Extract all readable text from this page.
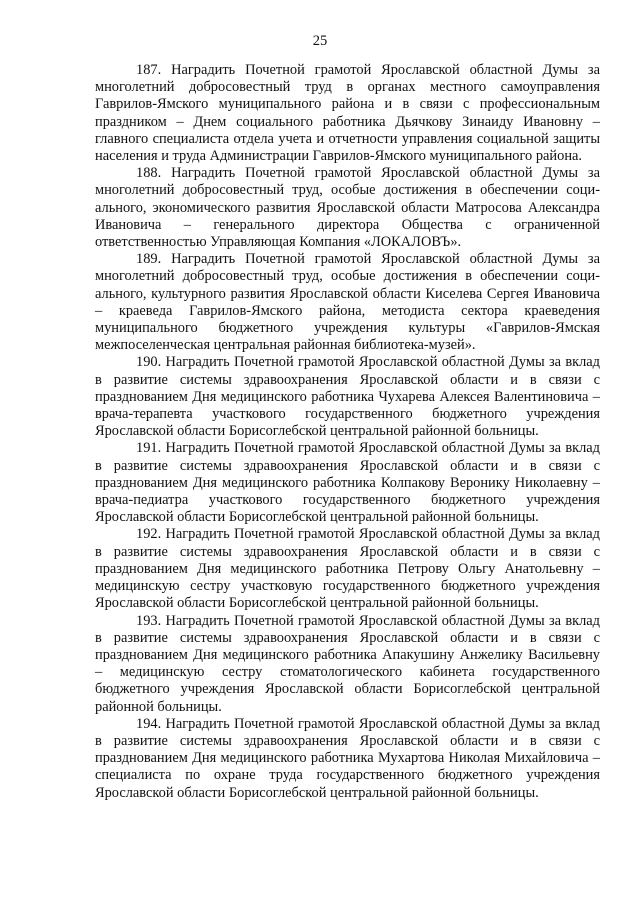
25

187. Наградить Почетной грамотой Ярославской областной Думы за многолетний добросовестный труд в органах местного самоуправления Гаврилов-Ямского муниципального района и в связи с профессиональным праздником – Днем социального работника Дьячкову Зинаиду Ивановну – главного специалиста отдела учета и отчетности управления социальной защиты населения и труда Администрации Гаврилов-Ямского муниципального района.

188. Наградить Почетной грамотой Ярославской областной Думы за многолетний добросовестный труд, особые достижения в обеспечении социального, экономического развития Ярославской области Матросова Александра Ивановича – генерального директора Общества с ограниченной ответственностью Управляющая Компания «ЛОКАЛОВЪ».

189. Наградить Почетной грамотой Ярославской областной Думы за многолетний добросовестный труд, особые достижения в обеспечении социального, культурного развития Ярославской области Киселева Сергея Ивановича – краеведа Гаврилов-Ямского района, методиста сектора краеведения муниципального бюджетного учреждения культуры «Гаврилов-Ямская межпоселенческая центральная районная библиотека-музей».

190. Наградить Почетной грамотой Ярославской областной Думы за вклад в развитие системы здравоохранения Ярославской области и в связи с празднованием Дня медицинского работника Чухарева Алексея Валентиновича – врача-терапевта участкового государственного бюджетного учреждения Ярославской области Борисоглебской центральной районной больницы.

191. Наградить Почетной грамотой Ярославской областной Думы за вклад в развитие системы здравоохранения Ярославской области и в связи с празднованием Дня медицинского работника Колпакову Веронику Николаевну – врача-педиатра участкового государственного бюджетного учреждения Ярославской области Борисоглебской центральной районной больницы.

192. Наградить Почетной грамотой Ярославской областной Думы за вклад в развитие системы здравоохранения Ярославской области и в связи с празднованием Дня медицинского работника Петрову Ольгу Анатольевну – медицинскую сестру участковую государственного бюджетного учреждения Ярославской области Борисоглебской центральной районной больницы.

193. Наградить Почетной грамотой Ярославской областной Думы за вклад в развитие системы здравоохранения Ярославской области и в связи с празднованием Дня медицинского работника Апакушину Анжелику Васильевну – медицинскую сестру стоматологического кабинета государственного бюджетного учреждения Ярославской области Борисоглебской центральной районной больницы.

194. Наградить Почетной грамотой Ярославской областной Думы за вклад в развитие системы здравоохранения Ярославской области и в связи с празднованием Дня медицинского работника Мухартова Николая Михайловича – специалиста по охране труда государственного бюджетного учреждения Ярославской области Борисоглебской центральной районной больницы.
